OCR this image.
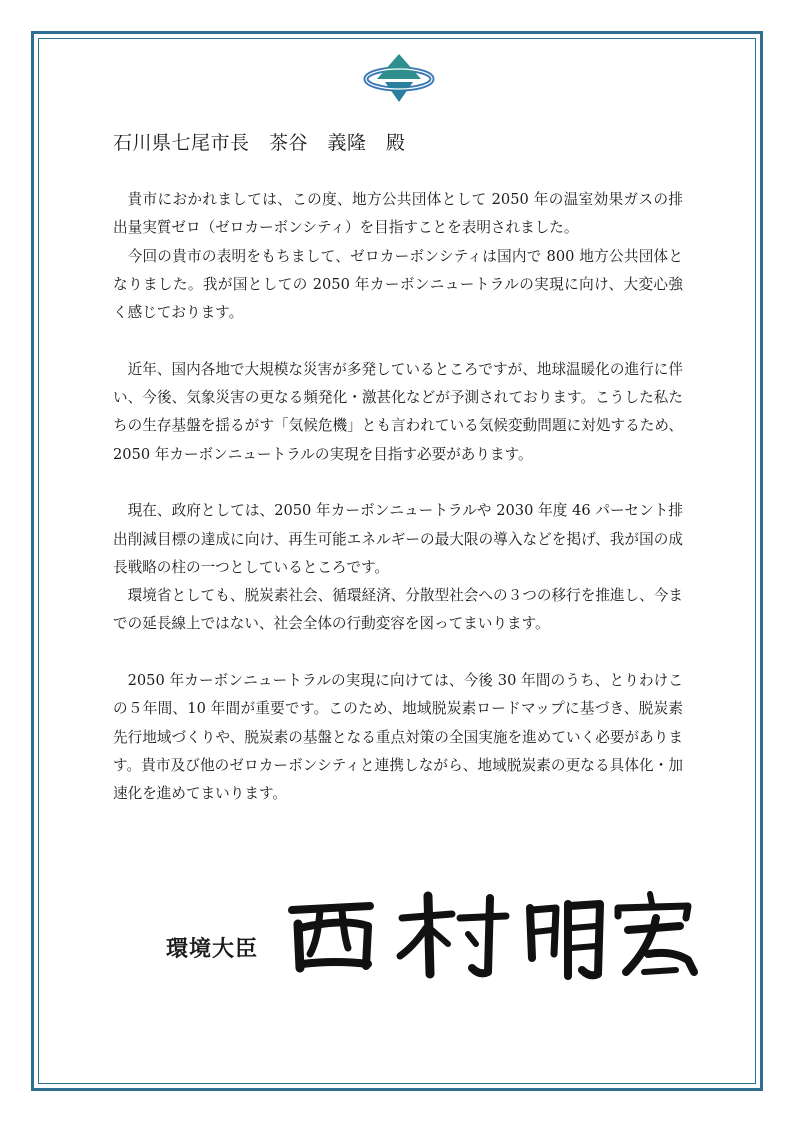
石川県七尾市長　茶谷　義隆　殿

貴市におかれましては、この度、地方公共団体として 2050 年の温室効果ガスの排出量実質ゼロ（ゼロカーボンシティ）を目指すことを表明されました。

今回の貴市の表明をもちまして、ゼロカーボンシティは国内で 800 地方公共団体となりました。我が国としての 2050 年カーボンニュートラルの実現に向け、大変心強く感じております。

近年、国内各地で大規模な災害が多発しているところですが、地球温暖化の進行に伴い、今後、気象災害の更なる頻発化・激甚化などが予測されております。こうした私たちの生存基盤を揺るがす「気候危機」とも言われている気候変動問題に対処するため、2050 年カーボンニュートラルの実現を目指す必要があります。

現在、政府としては、2050 年カーボンニュートラルや 2030 年度 46 パーセント排出削減目標の達成に向け、再生可能エネルギーの最大限の導入などを掲げ、我が国の成長戦略の柱の一つとしているところです。

環境省としても、脱炭素社会、循環経済、分散型社会への３つの移行を推進し、今までの延長線上ではない、社会全体の行動変容を図ってまいります。

2050 年カーボンニュートラルの実現に向けては、今後 30 年間のうち、とりわけこの５年間、10 年間が重要です。このため、地域脱炭素ロードマップに基づき、脱炭素先行地域づくりや、脱炭素の基盤となる重点対策の全国実施を進めていく必要があります。貴市及び他のゼロカーボンシティと連携しながら、地域脱炭素の更なる具体化・加速化を進めてまいります。

環境大臣
